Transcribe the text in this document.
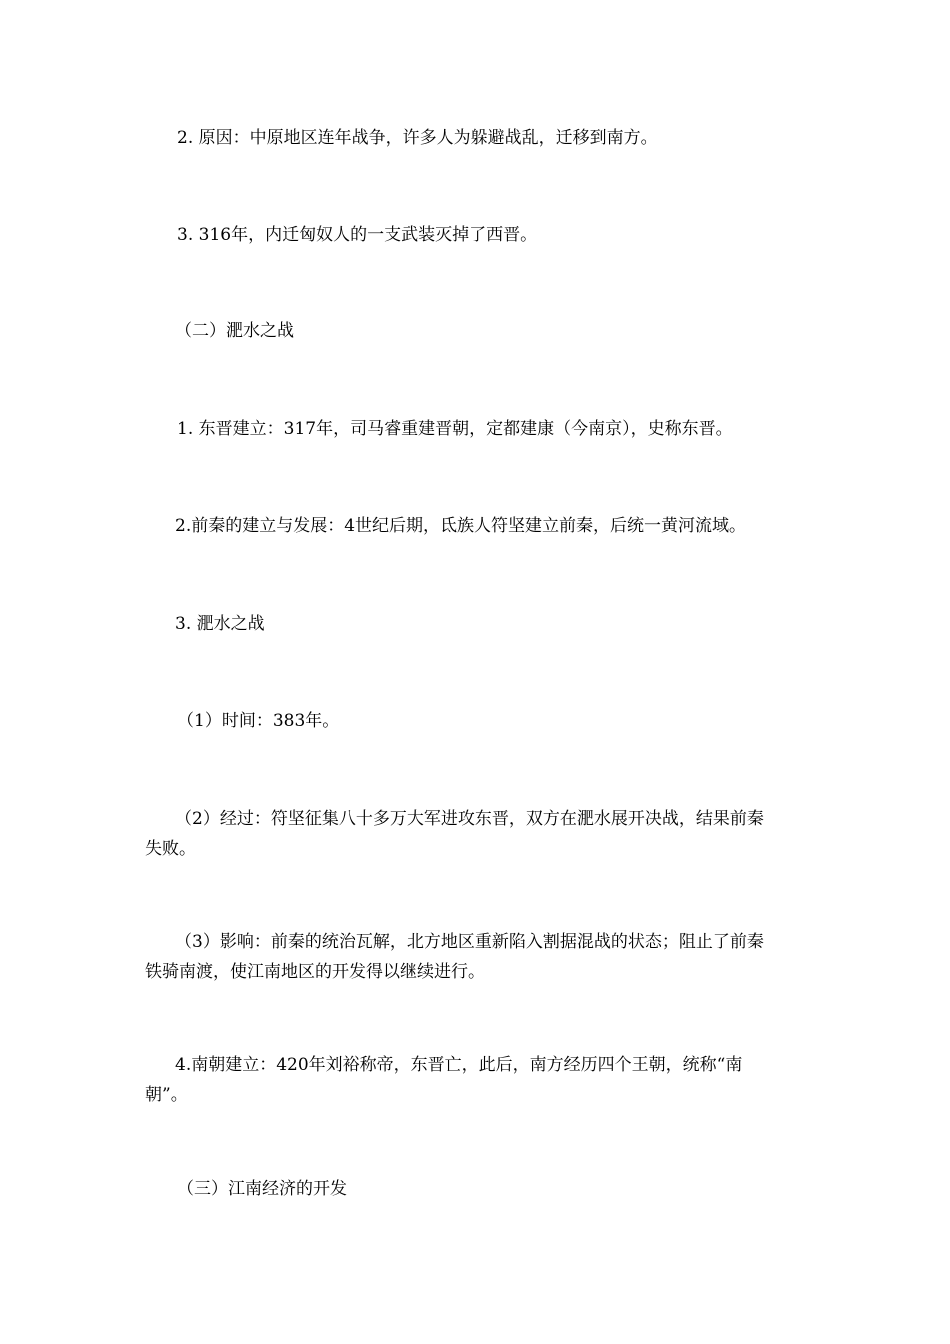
2. 原因：中原地区连年战争，许多人为躲避战乱，迁移到南方。

3. 316年，内迁匈奴人的一支武装灭掉了西晋。

（二）淝水之战

1. 东晋建立：317年，司马睿重建晋朝，定都建康（今南京），史称东晋。

2.前秦的建立与发展：4世纪后期，氐族人符坚建立前秦，后统一黄河流域。

3. 淝水之战

（1）时间：383年。

（2）经过：符坚征集八十多万大军进攻东晋，双方在淝水展开决战，结果前秦
失败。

（3）影响：前秦的统治瓦解，北方地区重新陷入割据混战的状态；阻止了前秦
铁骑南渡，使江南地区的开发得以继续进行。

4.南朝建立：420年刘裕称帝，东晋亡，此后，南方经历四个王朝，统称“南
朝”。

（三）江南经济的开发
